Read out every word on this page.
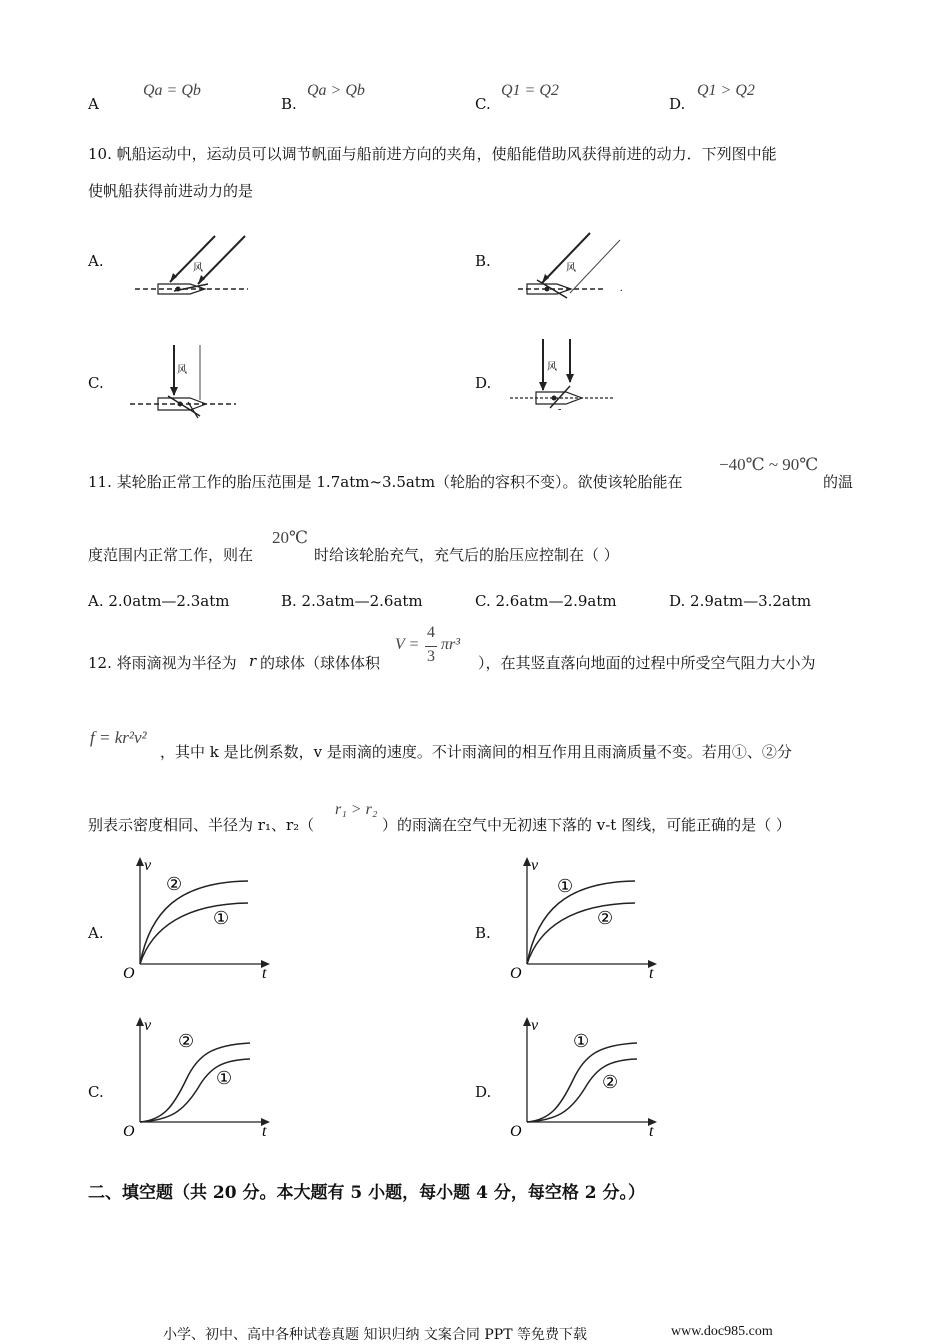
A
Qa = Qb
B.
Qa > Qb
C.
Q1 = Q2
D.
Q1 > Q2
10. 帆船运动中，运动员可以调节帆面与船前进方向的夹角，使船能借助风获得前进的动力．下列图中能
使帆船获得前进动力的是
A.	风	B.	风
.
C.
风
D.
风
-
11. 某轮胎正常工作的胎压范围是 1.7atm~3.5atm（轮胎的容积不变）。欲使该轮胎能在
−40℃ ~ 90℃
的温
度范围内正常工作，则在
20℃
时给该轮胎充气，充气后的胎压应控制在（ ）
A. 2.0atm—2.3atm	B. 2.3atm—2.6atm	C. 2.6atm—2.9atm	D. 2.9atm—3.2atm
12. 将雨滴视为半径为 r 的球体（球体体积
V =
4
3
πr³
），在其竖直落向地面的过程中所受空气阻力大小为
f = kr²v²
，其中 k 是比例系数，v 是雨滴的速度。不计雨滴间的相互作用且雨滴质量不变。若用①、②分
别表示密度相同、半径为 r₁、r₂（
r₁ > r₂
）的雨滴在空气中无初速下落的 v-t 图线，可能正确的是（ ）
A.
v
t
O
②
①
B.
v
t
O
①
②
C.
v
t
O
②
①
D.
v
t
O
①
②
二、填空题（共 20 分。本大题有 5 小题，每小题 4 分，每空格 2 分。）
小学、初中、高中各种试卷真题 知识归纳 文案合同 PPT 等免费下载	www.doc985.com
